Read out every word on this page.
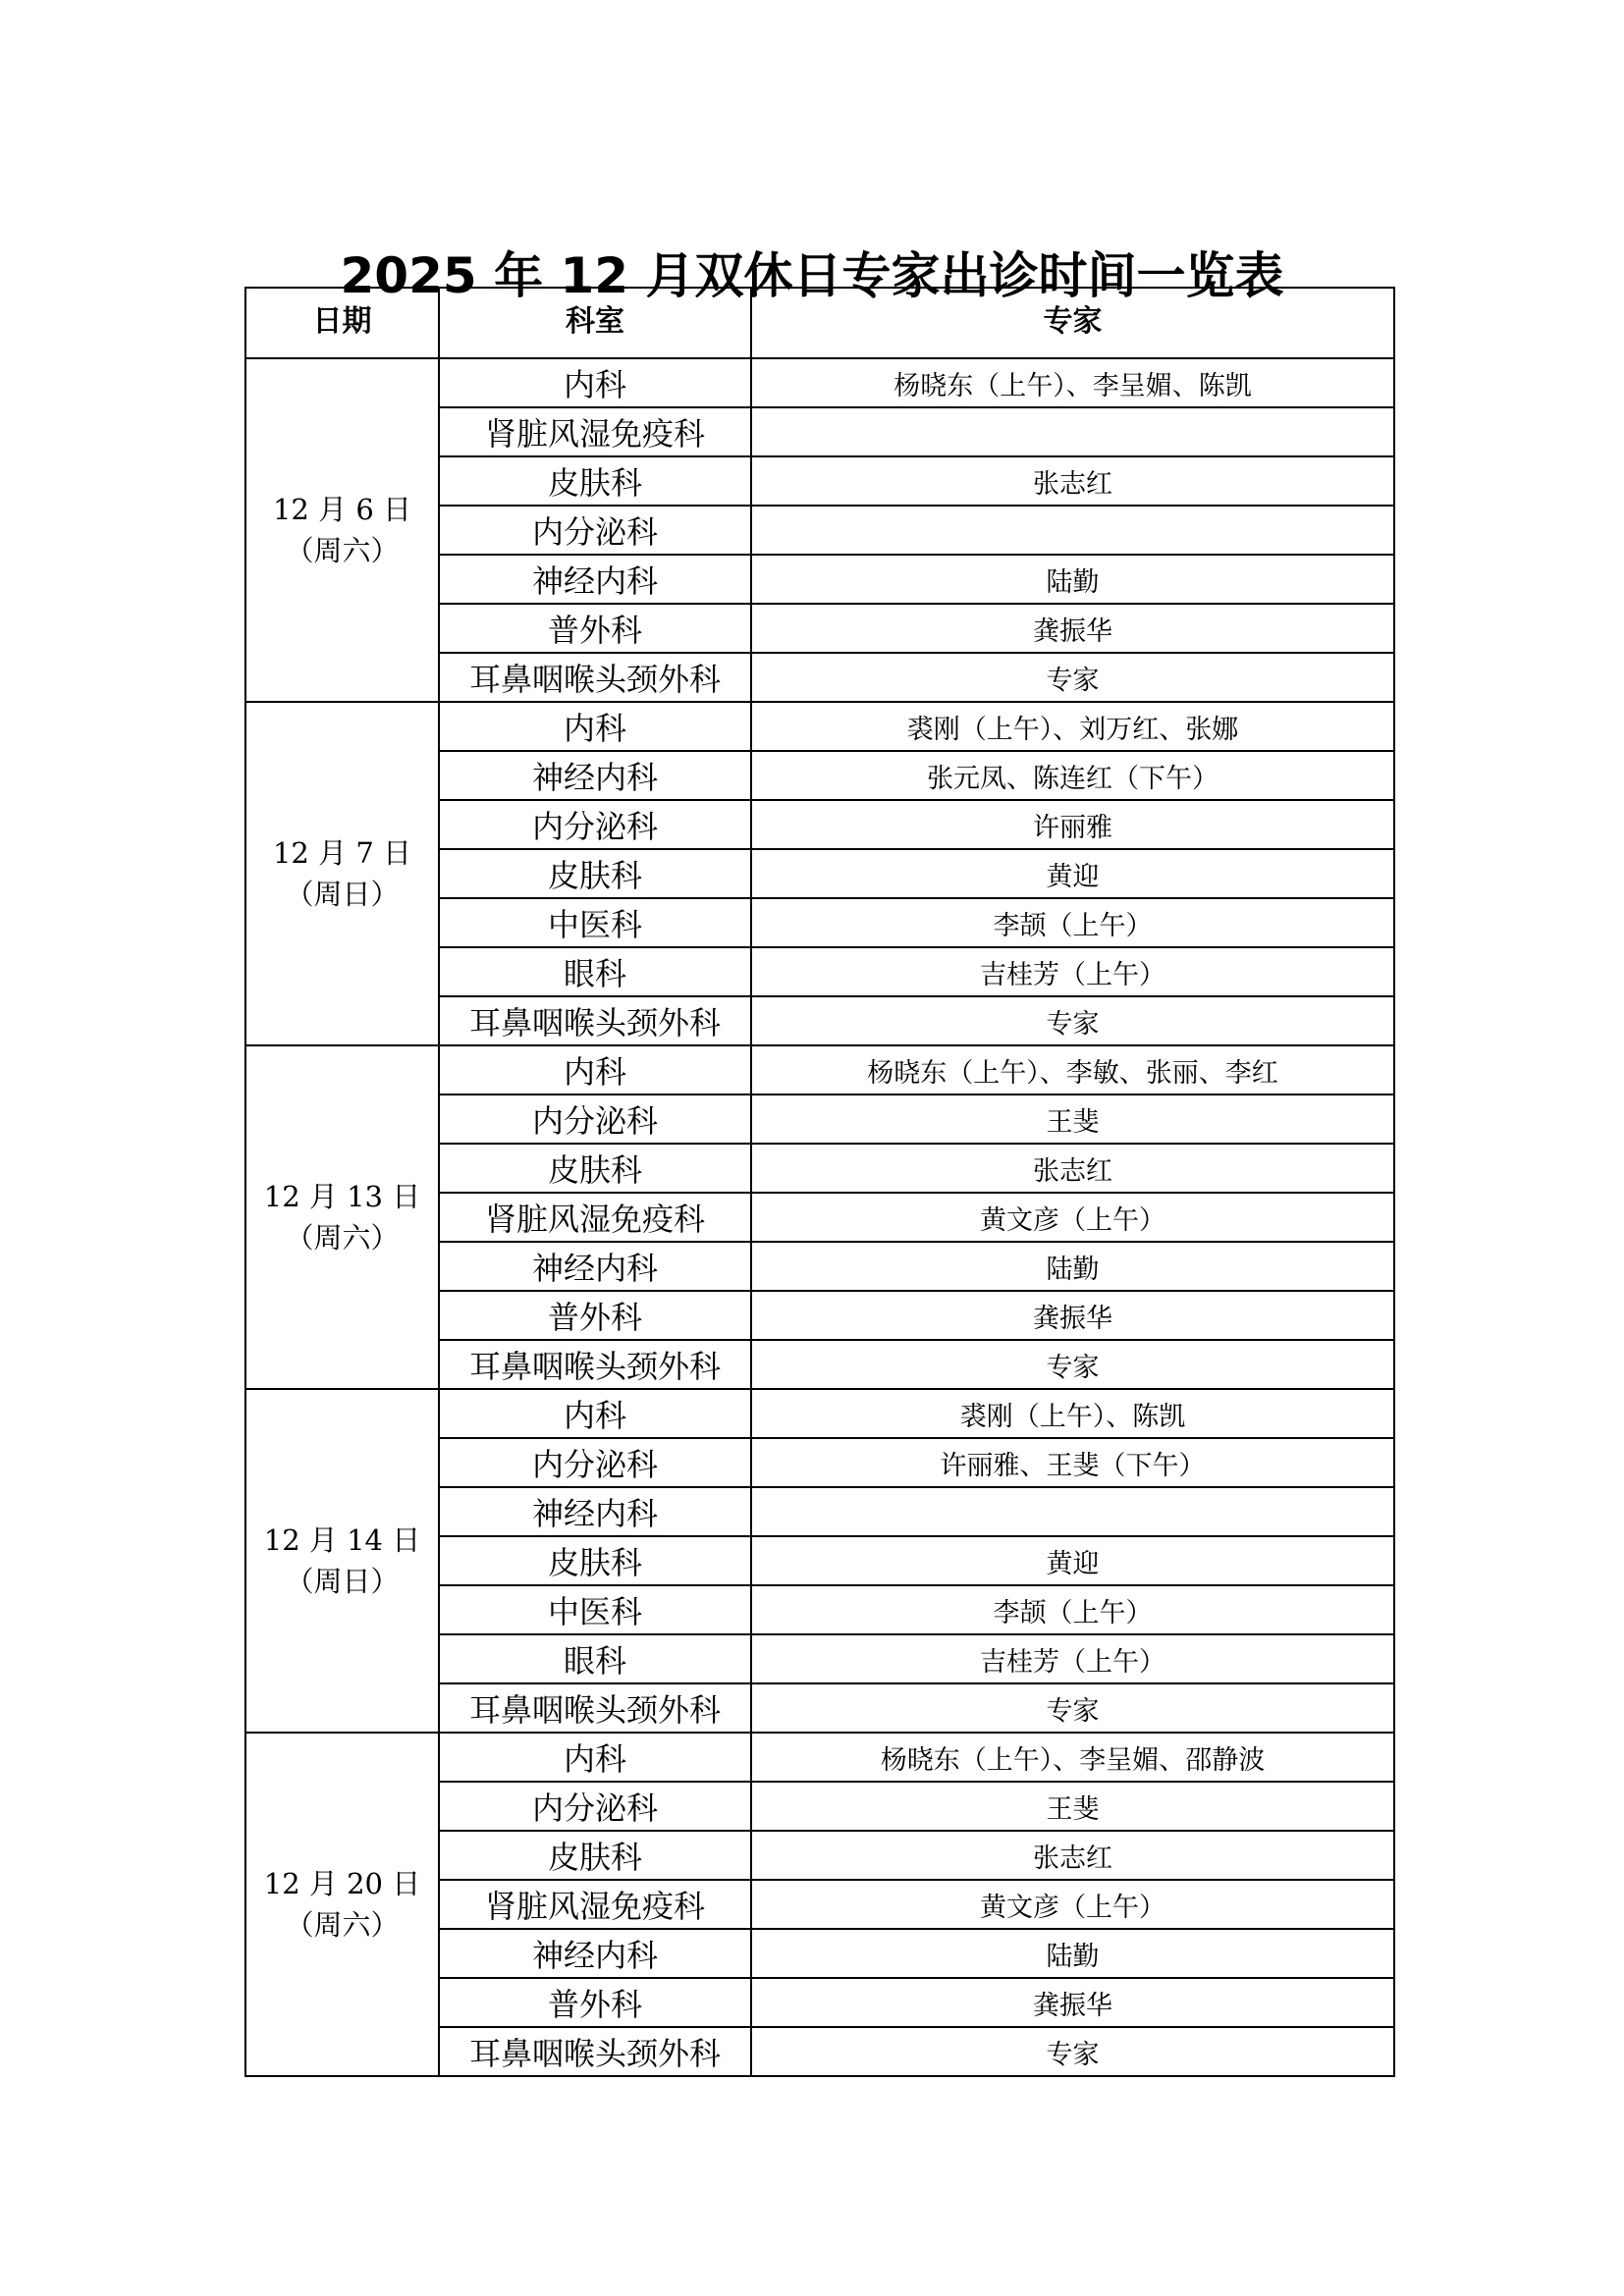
2025 年 12 月双休日专家出诊时间一览表
日期	科室	专家

12 月 6 日
（周六）	内科	杨晓东（上午）、李呈媚、陈凯
	肾脏风湿免疫科	
	皮肤科	张志红
	内分泌科	
	神经内科	陆勤
	普外科	龚振华
	耳鼻咽喉头颈外科	专家

12 月 7 日
（周日）	内科	裘刚（上午）、刘万红、张娜
	神经内科	张元凤、陈连红（下午）
	内分泌科	许丽雅
	皮肤科	黄迎
	中医科	李颉（上午）
	眼科	吉桂芳（上午）
	耳鼻咽喉头颈外科	专家

12 月 13 日
（周六）	内科	杨晓东（上午）、李敏、张丽、李红
	内分泌科	王斐
	皮肤科	张志红
	肾脏风湿免疫科	黄文彦（上午）
	神经内科	陆勤
	普外科	龚振华
	耳鼻咽喉头颈外科	专家

12 月 14 日
（周日）	内科	裘刚（上午）、陈凯
	内分泌科	许丽雅、王斐（下午）
	神经内科	
	皮肤科	黄迎
	中医科	李颉（上午）
	眼科	吉桂芳（上午）
	耳鼻咽喉头颈外科	专家

12 月 20 日
（周六）	内科	杨晓东（上午）、李呈媚、邵静波
	内分泌科	王斐
	皮肤科	张志红
	肾脏风湿免疫科	黄文彦（上午）
	神经内科	陆勤
	普外科	龚振华
	耳鼻咽喉头颈外科	专家
